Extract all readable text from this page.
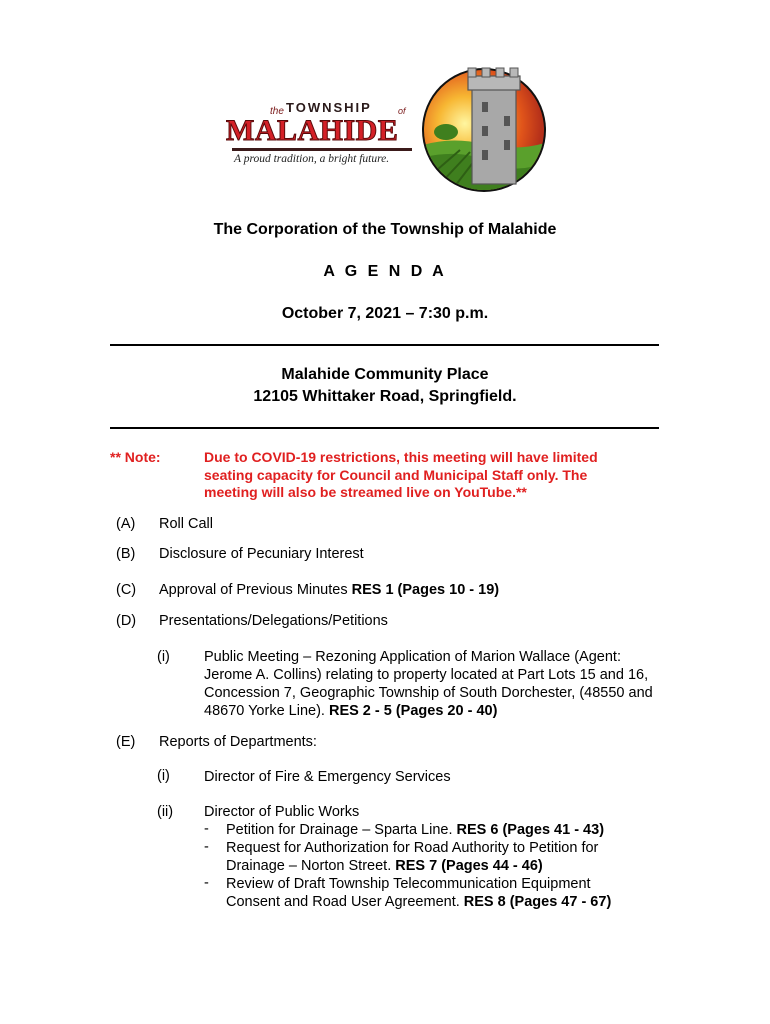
the TOWNSHIP	of
MALAHIDE
A proud tradition, a bright future.
The Corporation of the Township of Malahide
A G E N D A
October 7, 2021 – 7:30 p.m.
Malahide Community Place
12105 Whittaker Road, Springfield.
** Note:	Due to COVID-19 restrictions, this meeting will have limited seating capacity for Council and Municipal Staff only. The meeting will also be streamed live on YouTube.**
(A) Roll Call
(B) Disclosure of Pecuniary Interest
(C) Approval of Previous Minutes RES 1 (Pages 10 - 19)
(D) Presentations/Delegations/Petitions
(i) Public Meeting – Rezoning Application of Marion Wallace (Agent: Jerome A. Collins) relating to property located at Part Lots 15 and 16, Concession 7, Geographic Township of South Dorchester, (48550 and 48670 Yorke Line). RES 2 - 5 (Pages 20 - 40)
(E) Reports of Departments:
(i) Director of Fire & Emergency Services
(ii) Director of Public Works
- Petition for Drainage – Sparta Line. RES 6 (Pages 41 - 43)
- Request for Authorization for Road Authority to Petition for Drainage – Norton Street. RES 7 (Pages 44 - 46)
- Review of Draft Township Telecommunication Equipment Consent and Road User Agreement. RES 8 (Pages 47 - 67)
